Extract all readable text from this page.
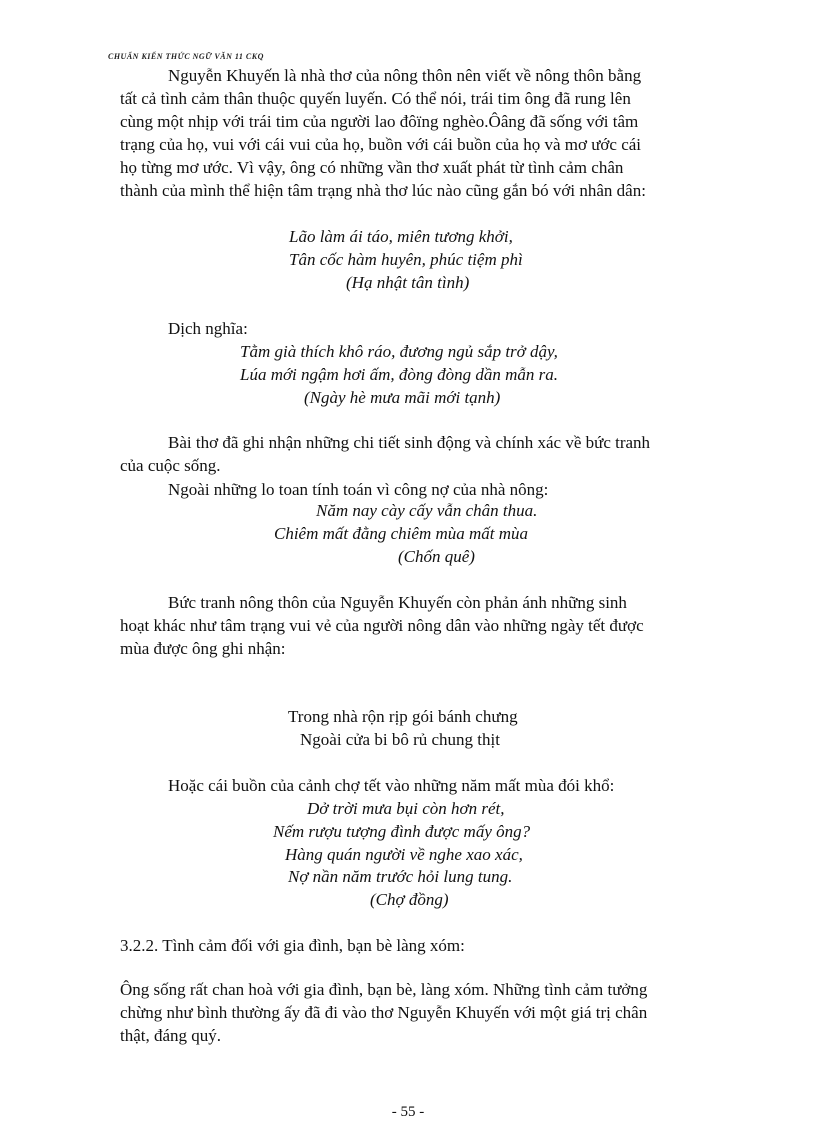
CHUẨN KIẾN THỨC NGỮ VĂN 11 CKQ
Nguyễn Khuyến là nhà thơ của nông thôn nên viết về nông thôn bằng
tất cả tình cảm thân thuộc quyến luyến. Có thể nói, trái tim ông đã rung lên
cùng một nhịp với trái tim của người lao đôïng nghèo.Ôâng đã sống với tâm
trạng của họ, vui với cái vui của họ, buồn với cái buồn của họ và mơ ước cái
họ từng mơ ước. Vì vậy, ông có những vần thơ xuất phát từ tình cảm chân
thành của mình thể hiện tâm trạng nhà thơ lúc nào cũng gắn bó với nhân dân:
Lão làm ái táo, miên tương khởi,
Tân cốc hàm huyên, phúc tiệm phì
(Hạ nhật tân tình)
Dịch nghĩa:
Tằm già thích khô ráo, đương ngủ sắp trở dậy,
Lúa mới ngậm hơi ấm, đòng đòng dần mẫn ra.
(Ngày hè mưa mãi mới tạnh)
Bài thơ đã ghi nhận những chi tiết sinh động và chính xác về bức tranh
của cuộc sống.
Ngoài những lo toan tính toán vì công nợ của nhà nông:
Năm nay cày cấy vẫn chân thua.
Chiêm mất đằng chiêm mùa mất mùa
(Chốn quê)
Bức tranh nông thôn của Nguyễn Khuyến còn phản ánh những sinh
hoạt khác như tâm trạng vui vẻ của người nông dân vào những ngày tết được
mùa được ông ghi nhận:
Trong nhà rộn rịp gói bánh chưng
Ngoài cửa bi bô rủ chung thịt
Hoặc cái buồn của cảnh chợ tết vào những năm mất mùa đói khổ:
Dở trời mưa bụi còn hơn rét,
Nếm rượu tượng đình được mấy ông?
Hàng quán người về nghe xao xác,
Nợ nần năm trước hỏi lung tung.
(Chợ đồng)
3.2.2. Tình cảm đối với gia đình, bạn bè làng xóm:
Ông sống rất chan hoà với gia đình, bạn bè, làng xóm. Những tình cảm tưởng
chừng như bình thường ấy đã đi vào thơ Nguyễn Khuyến với một giá trị chân
thật, đáng quý.
- 55 -
